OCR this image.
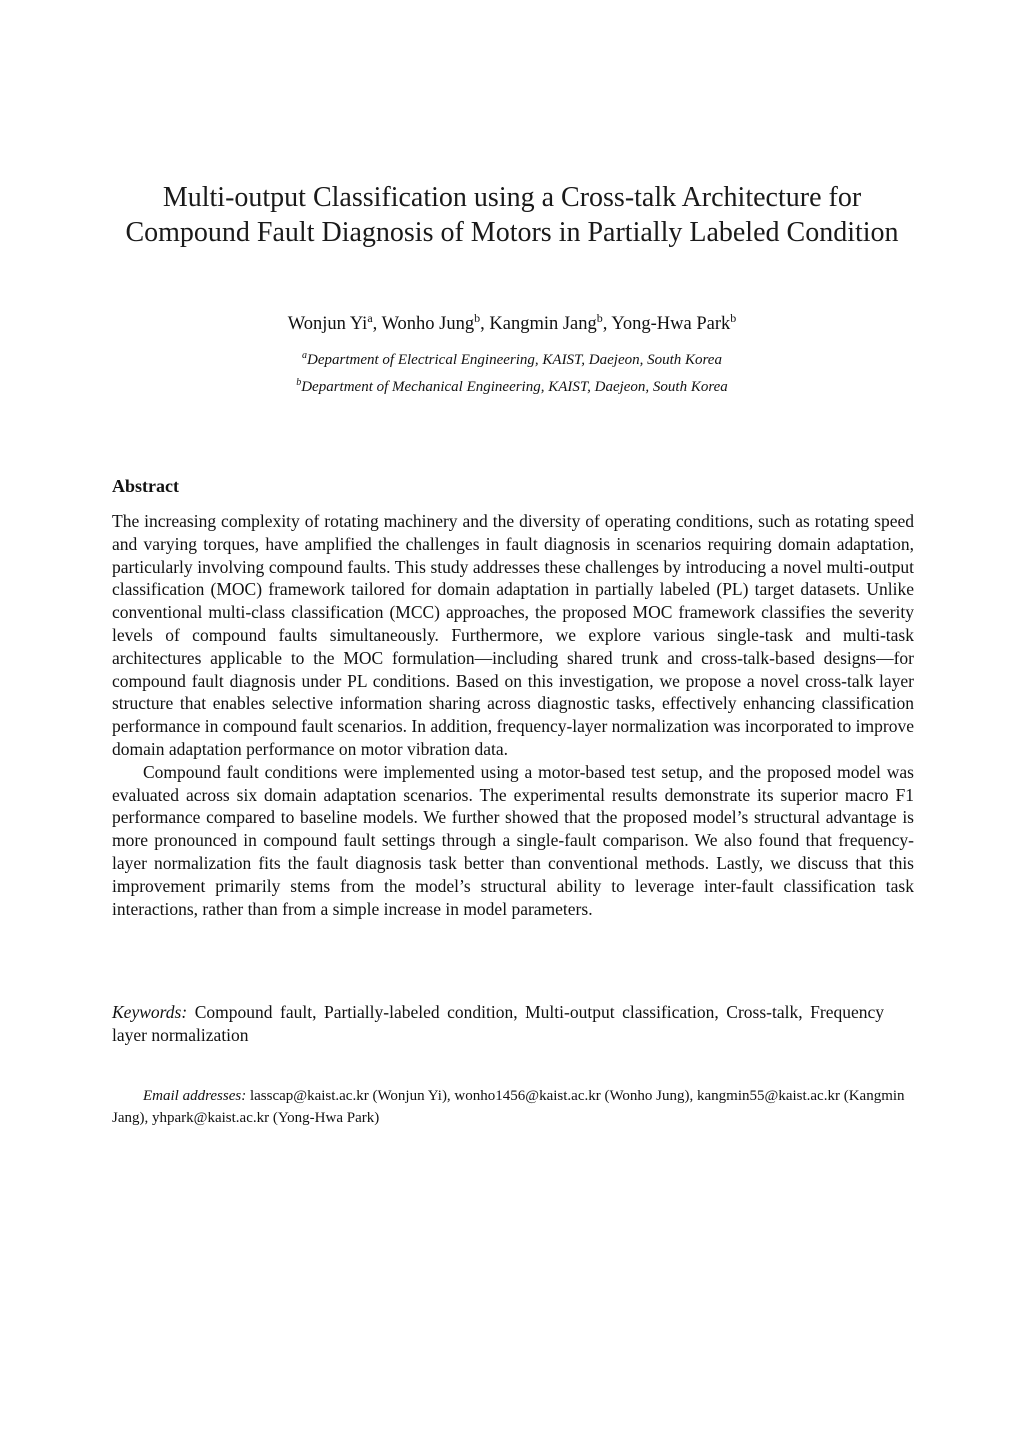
Multi-output Classification using a Cross-talk Architecture for Compound Fault Diagnosis of Motors in Partially Labeled Condition
Wonjun Yi$^a$, Wonho Jung$^b$, Kangmin Jang$^b$, Yong-Hwa Park$^b$
$^a$Department of Electrical Engineering, KAIST, Daejeon, South Korea
$^b$Department of Mechanical Engineering, KAIST, Daejeon, South Korea
Abstract

The increasing complexity of rotating machinery and the diversity of operating conditions, such as rotating speed and varying torques, have amplified the challenges in fault diagnosis in scenarios requiring domain adaptation, particularly involving compound faults. This study addresses these challenges by introducing a novel multi-output classification (MOC) framework tailored for domain adaptation in partially labeled (PL) target datasets. Unlike conventional multi-class classification (MCC) approaches, the proposed MOC framework classifies the severity levels of compound faults simultaneously. Furthermore, we explore various single-task and multi-task architectures applicable to the MOC formulation—including shared trunk and cross-talk-based designs—for compound fault diagnosis under PL conditions. Based on this investigation, we propose a novel cross-talk layer structure that enables selective information sharing across diagnostic tasks, effectively enhancing classification performance in compound fault scenarios. In addition, frequency-layer normalization was incorporated to improve domain adaptation performance on motor vibration data.

Compound fault conditions were implemented using a motor-based test setup, and the proposed model was evaluated across six domain adaptation scenarios. The experimental results demonstrate its superior macro F1 performance compared to baseline models. We further showed that the proposed model’s structural advantage is more pronounced in compound fault settings through a single-fault comparison. We also found that frequency-layer normalization fits the fault diagnosis task better than conventional methods. Lastly, we discuss that this improvement primarily stems from the model’s structural ability to leverage inter-fault classification task interactions, rather than from a simple increase in model parameters.

Keywords: Compound fault, Partially-labeled condition, Multi-output classification, Cross-talk, Frequency layer normalization
Email addresses: lasscap@kaist.ac.kr (Wonjun Yi), wonho1456@kaist.ac.kr (Wonho Jung), kangmin55@kaist.ac.kr (Kangmin Jang), yhpark@kaist.ac.kr (Yong-Hwa Park)
